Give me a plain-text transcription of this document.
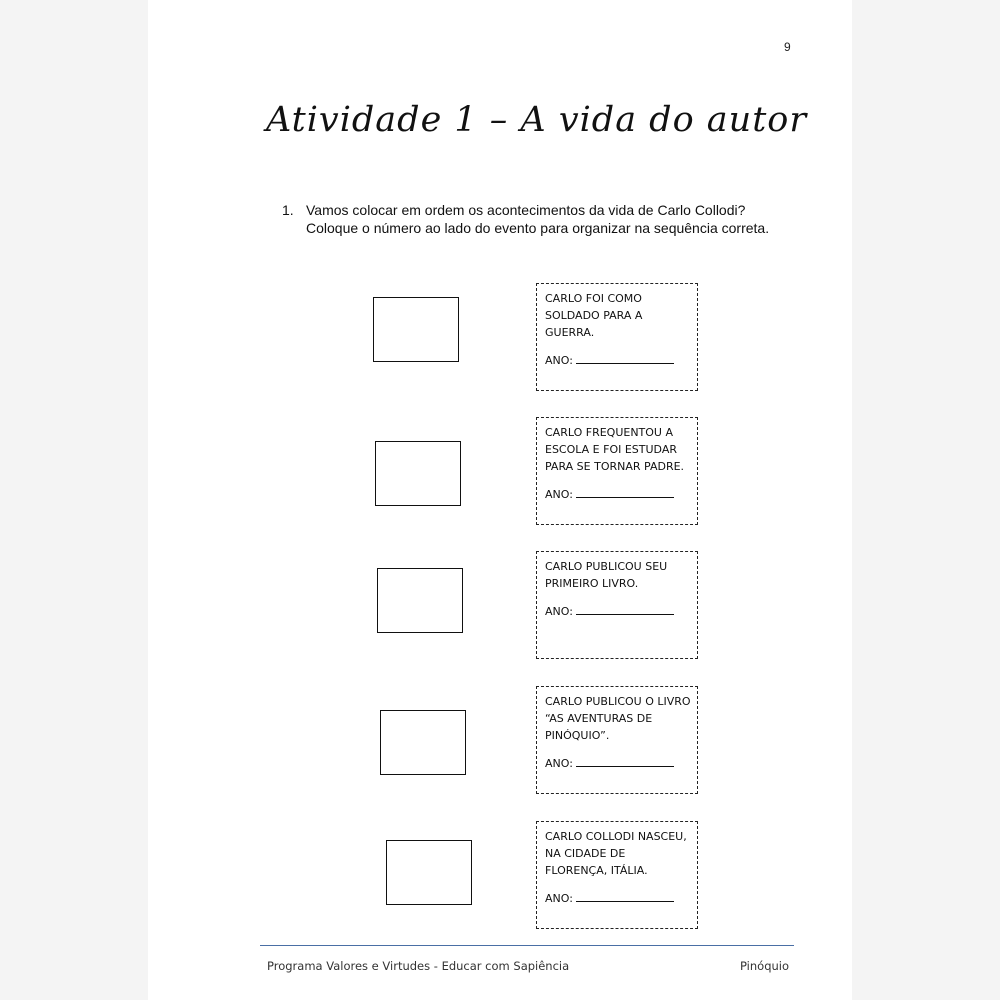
9
Atividade 1 – A vida do autor
1. Vamos colocar em ordem os acontecimentos da vida de Carlo Collodi?
Coloque o número ao lado do evento para organizar na sequência correta.
CARLO FOI COMO SOLDADO PARA A GUERRA.
ANO:
CARLO FREQUENTOU A ESCOLA E FOI ESTUDAR PARA SE TORNAR PADRE.
ANO:
CARLO PUBLICOU SEU PRIMEIRO LIVRO.
ANO:
CARLO PUBLICOU O LIVRO “AS AVENTURAS DE PINÓQUIO”.
ANO:
CARLO COLLODI NASCEU, NA CIDADE DE FLORENÇA, ITÁLIA.
ANO:
Programa Valores e Virtudes - Educar com Sapiência	Pinóquio
